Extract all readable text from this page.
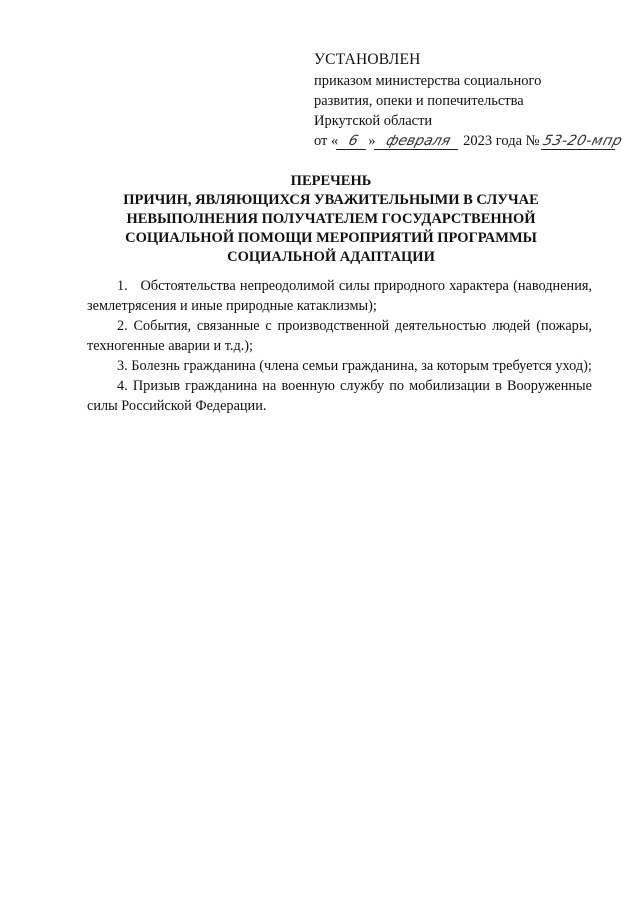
УСТАНОВЛЕН
приказом министерства социального
развития, опеки и попечительства
Иркутской области
от « 6 » февраля 2023 года № 53-20-мпр
ПЕРЕЧЕНЬ
ПРИЧИН, ЯВЛЯЮЩИХСЯ УВАЖИТЕЛЬНЫМИ В СЛУЧАЕ
НЕВЫПОЛНЕНИЯ ПОЛУЧАТЕЛЕМ ГОСУДАРСТВЕННОЙ
СОЦИАЛЬНОЙ ПОМОЩИ МЕРОПРИЯТИЙ ПРОГРАММЫ
СОЦИАЛЬНОЙ АДАПТАЦИИ

1.   Обстоятельства непреодолимой силы природного характера (наводнения, землетрясения и иные природные катаклизмы);

2. События, связанные с производственной деятельностью людей (пожары, техногенные аварии и т.д.);

3. Болезнь гражданина (члена семьи гражданина, за которым требуется уход);

4. Призыв гражданина на военную службу по мобилизации в Вооруженные силы Российской Федерации.
